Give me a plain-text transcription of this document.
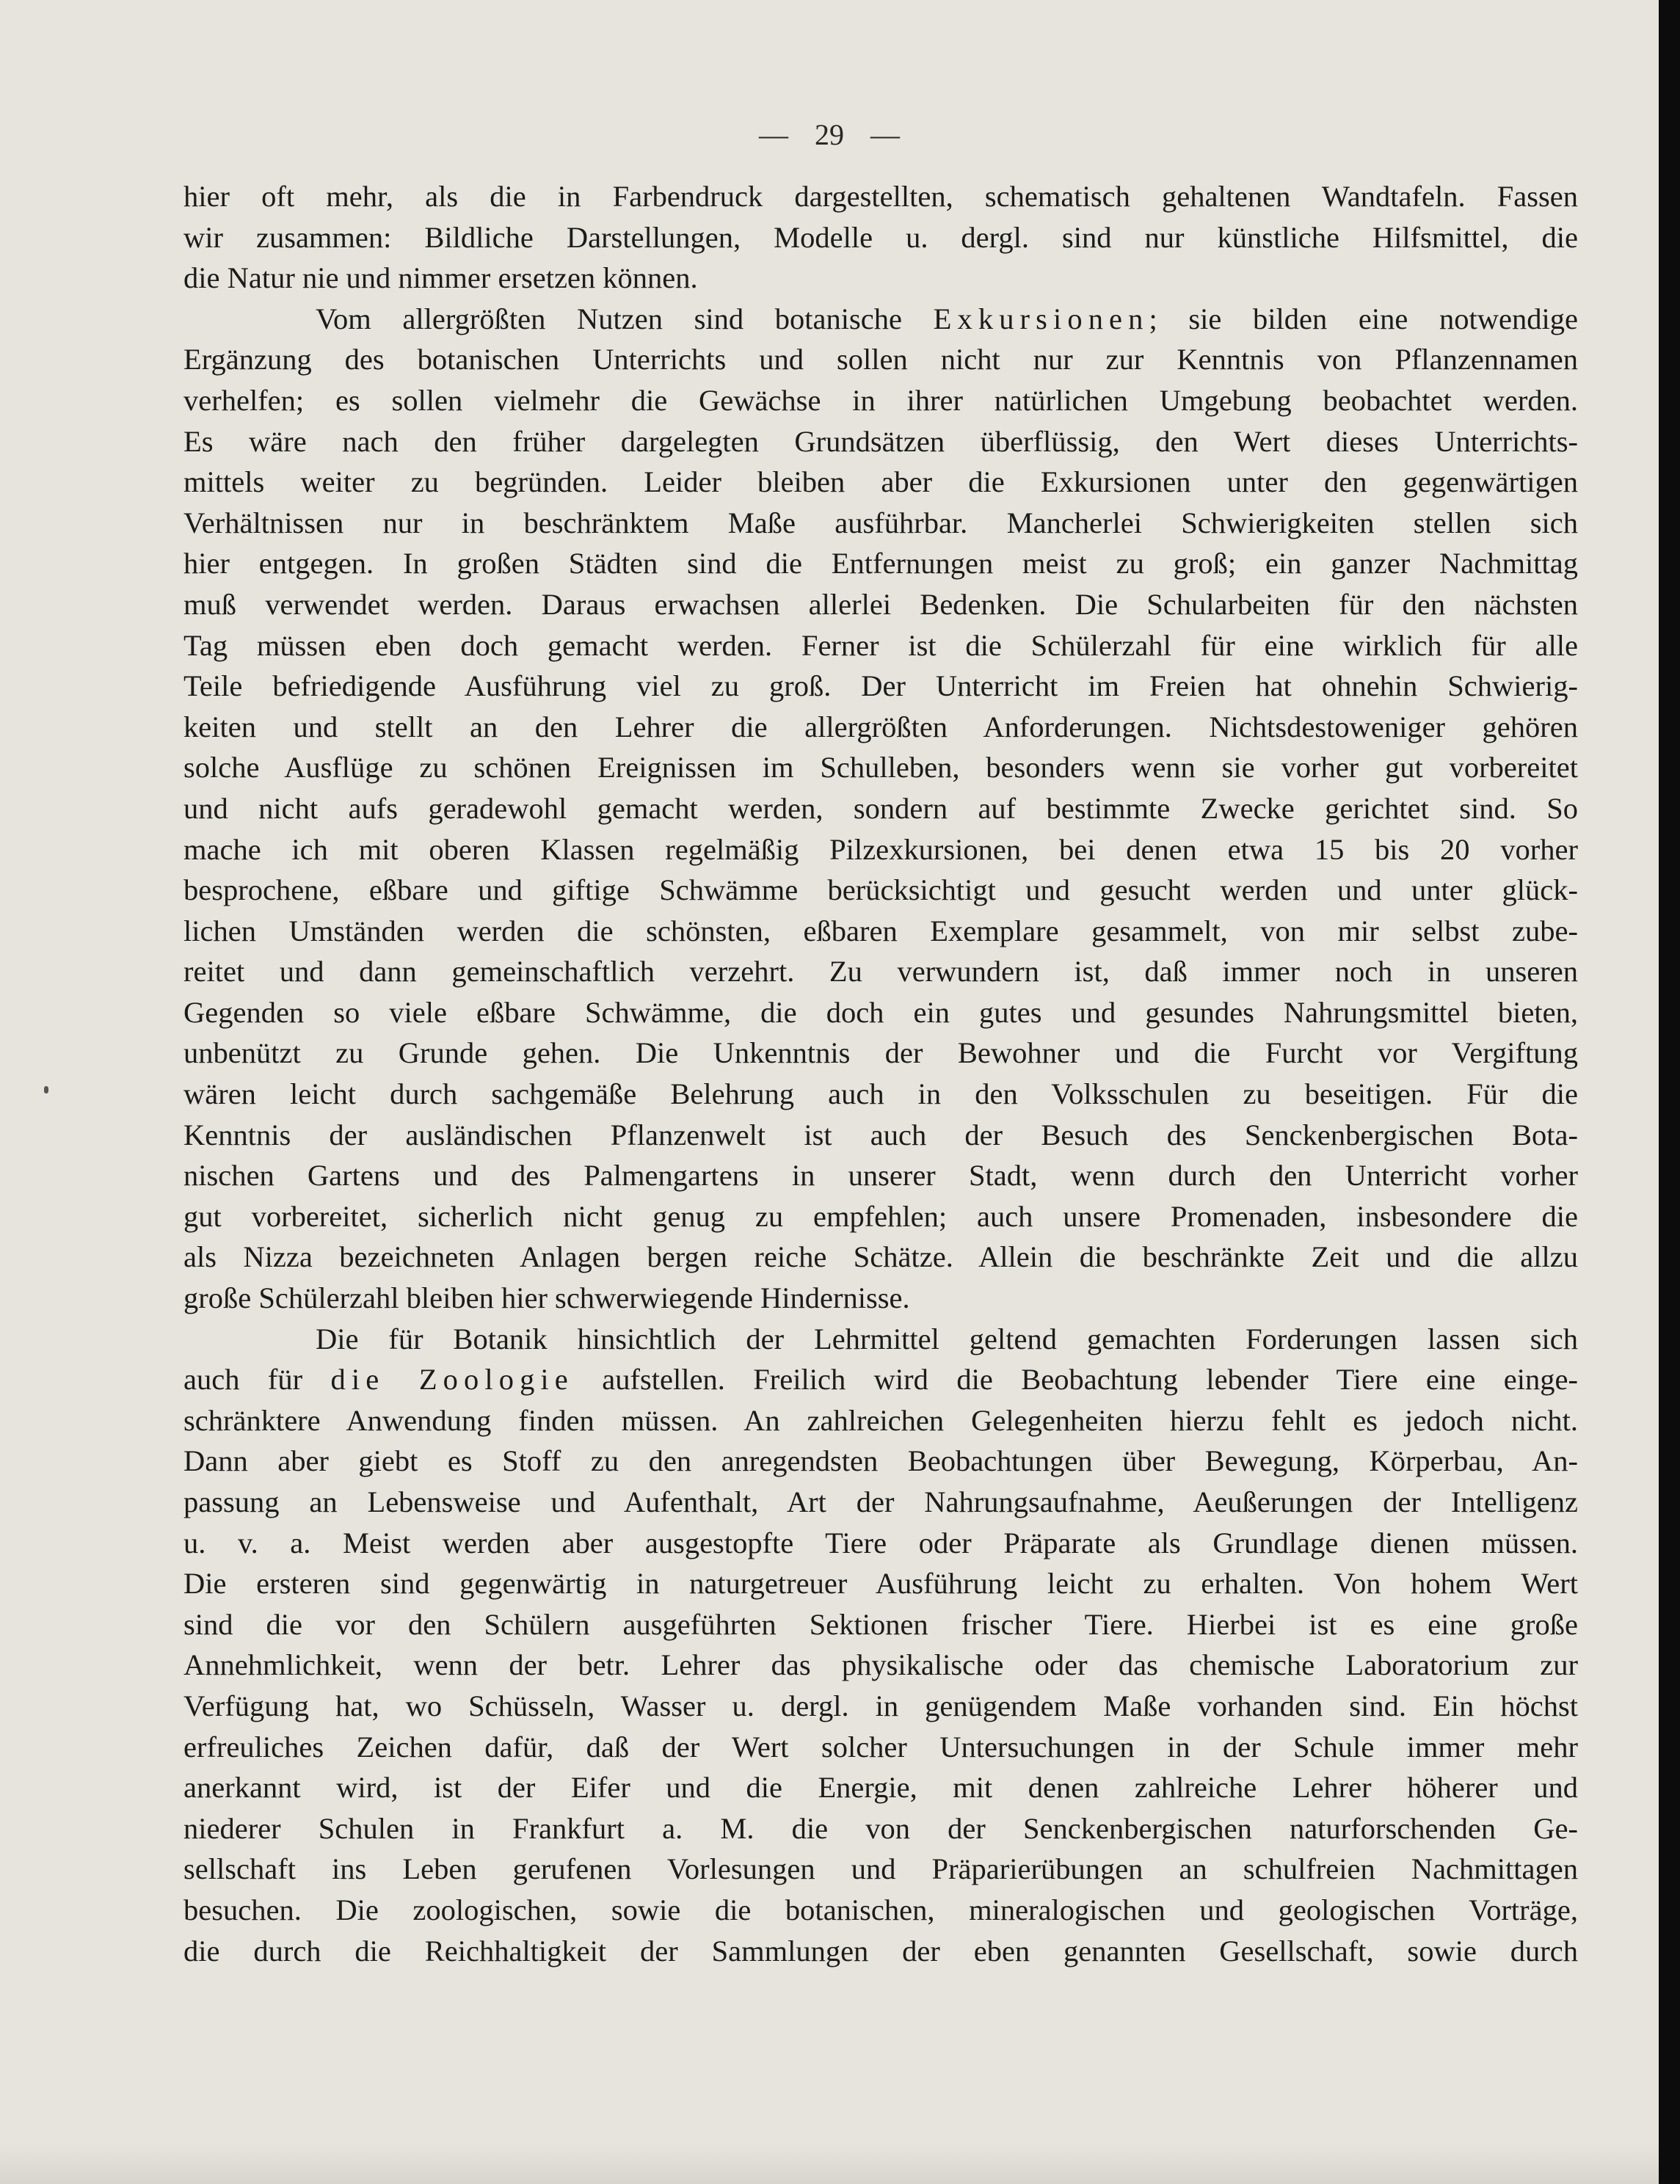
— 29 —
hier oft mehr, als die in Farbendruck dargestellten, schematisch gehaltenen Wandtafeln. Fassen
wir zusammen: Bildliche Darstellungen, Modelle u. dergl. sind nur künstliche Hilfsmittel, die
die Natur nie und nimmer ersetzen können.
Vom allergrößten Nutzen sind botanische Exkursionen; sie bilden eine notwendige
Ergänzung des botanischen Unterrichts und sollen nicht nur zur Kenntnis von Pflanzennamen
verhelfen; es sollen vielmehr die Gewächse in ihrer natürlichen Umgebung beobachtet werden.
Es wäre nach den früher dargelegten Grundsätzen überflüssig, den Wert dieses Unterrichts-
mittels weiter zu begründen. Leider bleiben aber die Exkursionen unter den gegenwärtigen
Verhältnissen nur in beschränktem Maße ausführbar. Mancherlei Schwierigkeiten stellen sich
hier entgegen. In großen Städten sind die Entfernungen meist zu groß; ein ganzer Nachmittag
muß verwendet werden. Daraus erwachsen allerlei Bedenken. Die Schularbeiten für den nächsten
Tag müssen eben doch gemacht werden. Ferner ist die Schülerzahl für eine wirklich für alle
Teile befriedigende Ausführung viel zu groß. Der Unterricht im Freien hat ohnehin Schwierig-
keiten und stellt an den Lehrer die allergrößten Anforderungen. Nichtsdestoweniger gehören
solche Ausflüge zu schönen Ereignissen im Schulleben, besonders wenn sie vorher gut vorbereitet
und nicht aufs geradewohl gemacht werden, sondern auf bestimmte Zwecke gerichtet sind. So
mache ich mit oberen Klassen regelmäßig Pilzexkursionen, bei denen etwa 15 bis 20 vorher
besprochene, eßbare und giftige Schwämme berücksichtigt und gesucht werden und unter glück-
lichen Umständen werden die schönsten, eßbaren Exemplare gesammelt, von mir selbst zube-
reitet und dann gemeinschaftlich verzehrt. Zu verwundern ist, daß immer noch in unseren
Gegenden so viele eßbare Schwämme, die doch ein gutes und gesundes Nahrungsmittel bieten,
unbenützt zu Grunde gehen. Die Unkenntnis der Bewohner und die Furcht vor Vergiftung
wären leicht durch sachgemäße Belehrung auch in den Volksschulen zu beseitigen. Für die
Kenntnis der ausländischen Pflanzenwelt ist auch der Besuch des Senckenbergischen Bota-
nischen Gartens und des Palmengartens in unserer Stadt, wenn durch den Unterricht vorher
gut vorbereitet, sicherlich nicht genug zu empfehlen; auch unsere Promenaden, insbesondere die
als Nizza bezeichneten Anlagen bergen reiche Schätze. Allein die beschränkte Zeit und die allzu
große Schülerzahl bleiben hier schwerwiegende Hindernisse.
Die für Botanik hinsichtlich der Lehrmittel geltend gemachten Forderungen lassen sich
auch für die Zoologie aufstellen. Freilich wird die Beobachtung lebender Tiere eine einge-
schränktere Anwendung finden müssen. An zahlreichen Gelegenheiten hierzu fehlt es jedoch nicht.
Dann aber giebt es Stoff zu den anregendsten Beobachtungen über Bewegung, Körperbau, An-
passung an Lebensweise und Aufenthalt, Art der Nahrungsaufnahme, Aeußerungen der Intelligenz
u. v. a. Meist werden aber ausgestopfte Tiere oder Präparate als Grundlage dienen müssen.
Die ersteren sind gegenwärtig in naturgetreuer Ausführung leicht zu erhalten. Von hohem Wert
sind die vor den Schülern ausgeführten Sektionen frischer Tiere. Hierbei ist es eine große
Annehmlichkeit, wenn der betr. Lehrer das physikalische oder das chemische Laboratorium zur
Verfügung hat, wo Schüsseln, Wasser u. dergl. in genügendem Maße vorhanden sind. Ein höchst
erfreuliches Zeichen dafür, daß der Wert solcher Untersuchungen in der Schule immer mehr
anerkannt wird, ist der Eifer und die Energie, mit denen zahlreiche Lehrer höherer und
niederer Schulen in Frankfurt a. M. die von der Senckenbergischen naturforschenden Ge-
sellschaft ins Leben gerufenen Vorlesungen und Präparierübungen an schulfreien Nachmittagen
besuchen. Die zoologischen, sowie die botanischen, mineralogischen und geologischen Vorträge,
die durch die Reichhaltigkeit der Sammlungen der eben genannten Gesellschaft, sowie durch
